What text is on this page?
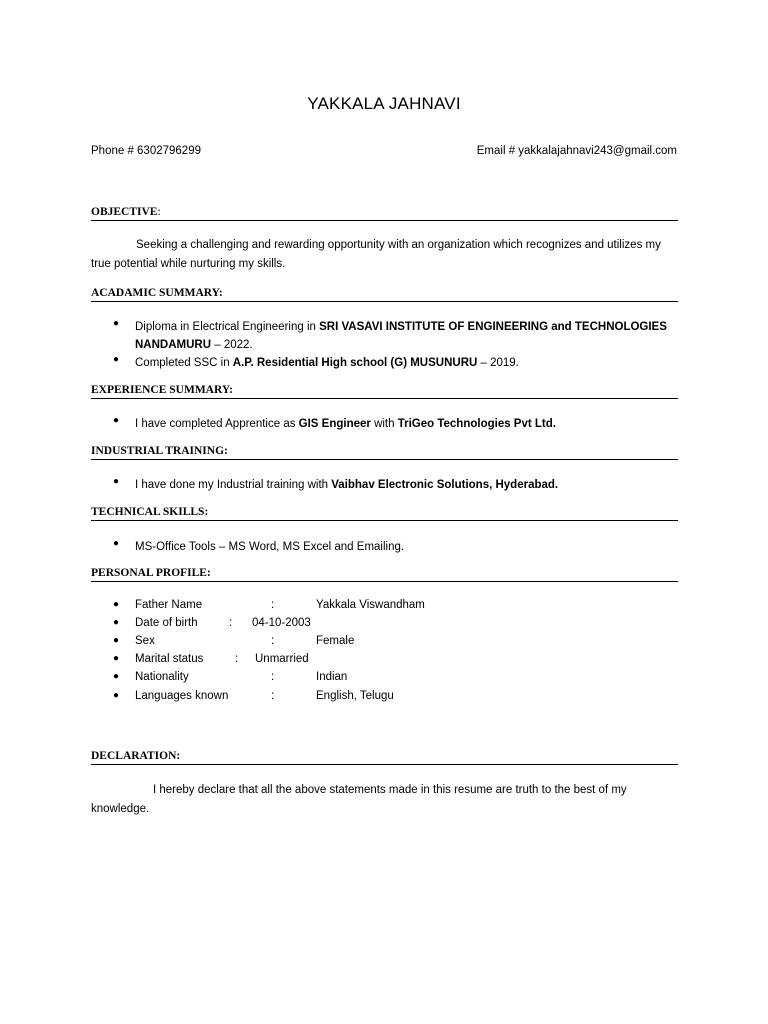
YAKKALA JAHNAVI
Phone # 6302796299	Email # yakkalajahnavi243@gmail.com
OBJECTIVE:
Seeking a challenging and rewarding opportunity with an organization which recognizes and utilizes my true potential while nurturing my skills.
ACADAMIC SUMMARY:
● Diploma in Electrical Engineering in SRI VASAVI INSTITUTE OF ENGINEERING and TECHNOLOGIES NANDAMURU – 2022.
● Completed SSC in A.P. Residential High school (G) MUSUNURU – 2019.
EXPERIENCE SUMMARY:
● I have completed Apprentice as GIS Engineer with TriGeo Technologies Pvt Ltd.
INDUSTRIAL TRAINING:
● I have done my Industrial training with Vaibhav Electronic Solutions, Hyderabad.
TECHNICAL SKILLS:
● MS-Office Tools – MS Word, MS Excel and Emailing.
PERSONAL PROFILE:
● Father Name	:	Yakkala Viswandham
● Date of birth	: 04-10-2003
● Sex	:	Female
● Marital status	: Unmarried
● Nationality	:	Indian
● Languages known	:	English, Telugu
DECLARATION:
I hereby declare that all the above statements made in this resume are truth to the best of my knowledge.
